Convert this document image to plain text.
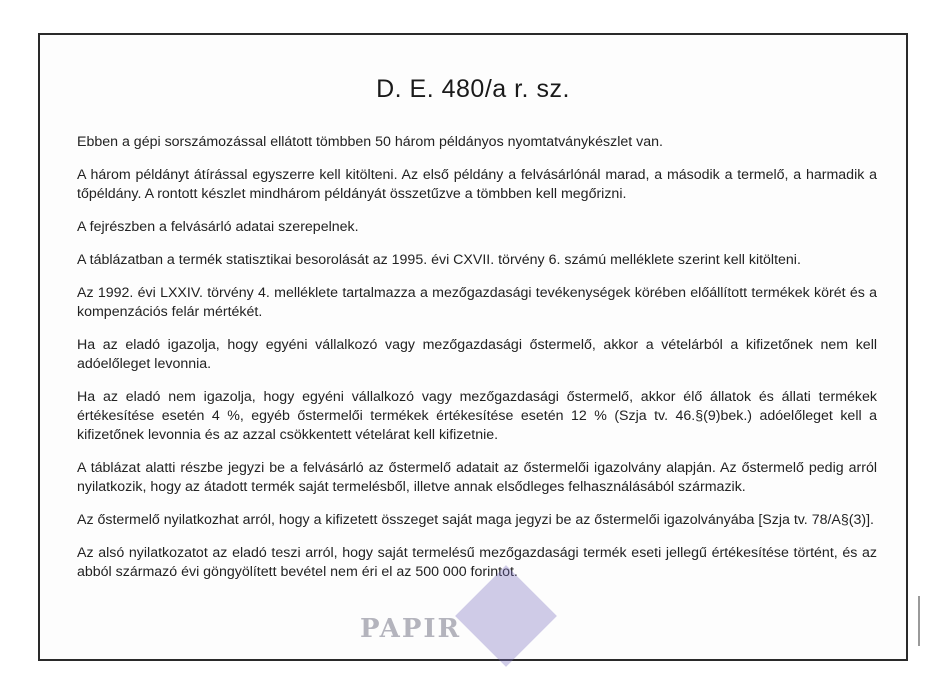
D. E. 480/a r. sz.

Ebben a gépi sorszámozással ellátott tömbben 50 három példányos nyomtatványkészlet van.

A három példányt átírással egyszerre kell kitölteni. Az első példány a felvásárlónál marad, a második a termelő, a harmadik a tőpéldány. A rontott készlet mindhárom példányát összetűzve a tömbben kell megőrizni.

A fejrészben a felvásárló adatai szerepelnek.

A táblázatban a termék statisztikai besorolását az 1995. évi CXVII. törvény 6. számú melléklete szerint kell kitölteni.

Az 1992. évi LXXIV. törvény 4. melléklete tartalmazza a mezőgazdasági tevékenységek körében előállított termékek körét és a kompenzációs felár mértékét.

Ha az eladó igazolja, hogy egyéni vállalkozó vagy mezőgazdasági őstermelő, akkor a vételárból a kifizetőnek nem kell adóelőleget levonnia.

Ha az eladó nem igazolja, hogy egyéni vállalkozó vagy mezőgazdasági őstermelő, akkor élő állatok és állati termékek értékesítése esetén 4 %, egyéb őstermelői termékek értékesítése esetén 12 % (Szja tv. 46.§(9)bek.) adóelőleget kell a kifizetőnek levonnia és az azzal csökkentett vételárat kell kifizetnie.

A táblázat alatti részbe jegyzi be a felvásárló az őstermelő adatait az őstermelői igazolvány alapján. Az őstermelő pedig arról nyilatkozik, hogy az átadott termék saját termelésből, illetve annak elsődleges felhasználásából származik.

Az őstermelő nyilatkozhat arról, hogy a kifizetett összeget saját maga jegyzi be az őstermelői igazolványába [Szja tv. 78/A§(3)].

Az alsó nyilatkozatot az eladó teszi arról, hogy saját termelésű mezőgazdasági termék eseti jellegű értékesítése történt, és az abból származó évi göngyölített bevétel nem éri el az 500 000 forintot.

PAPIR
